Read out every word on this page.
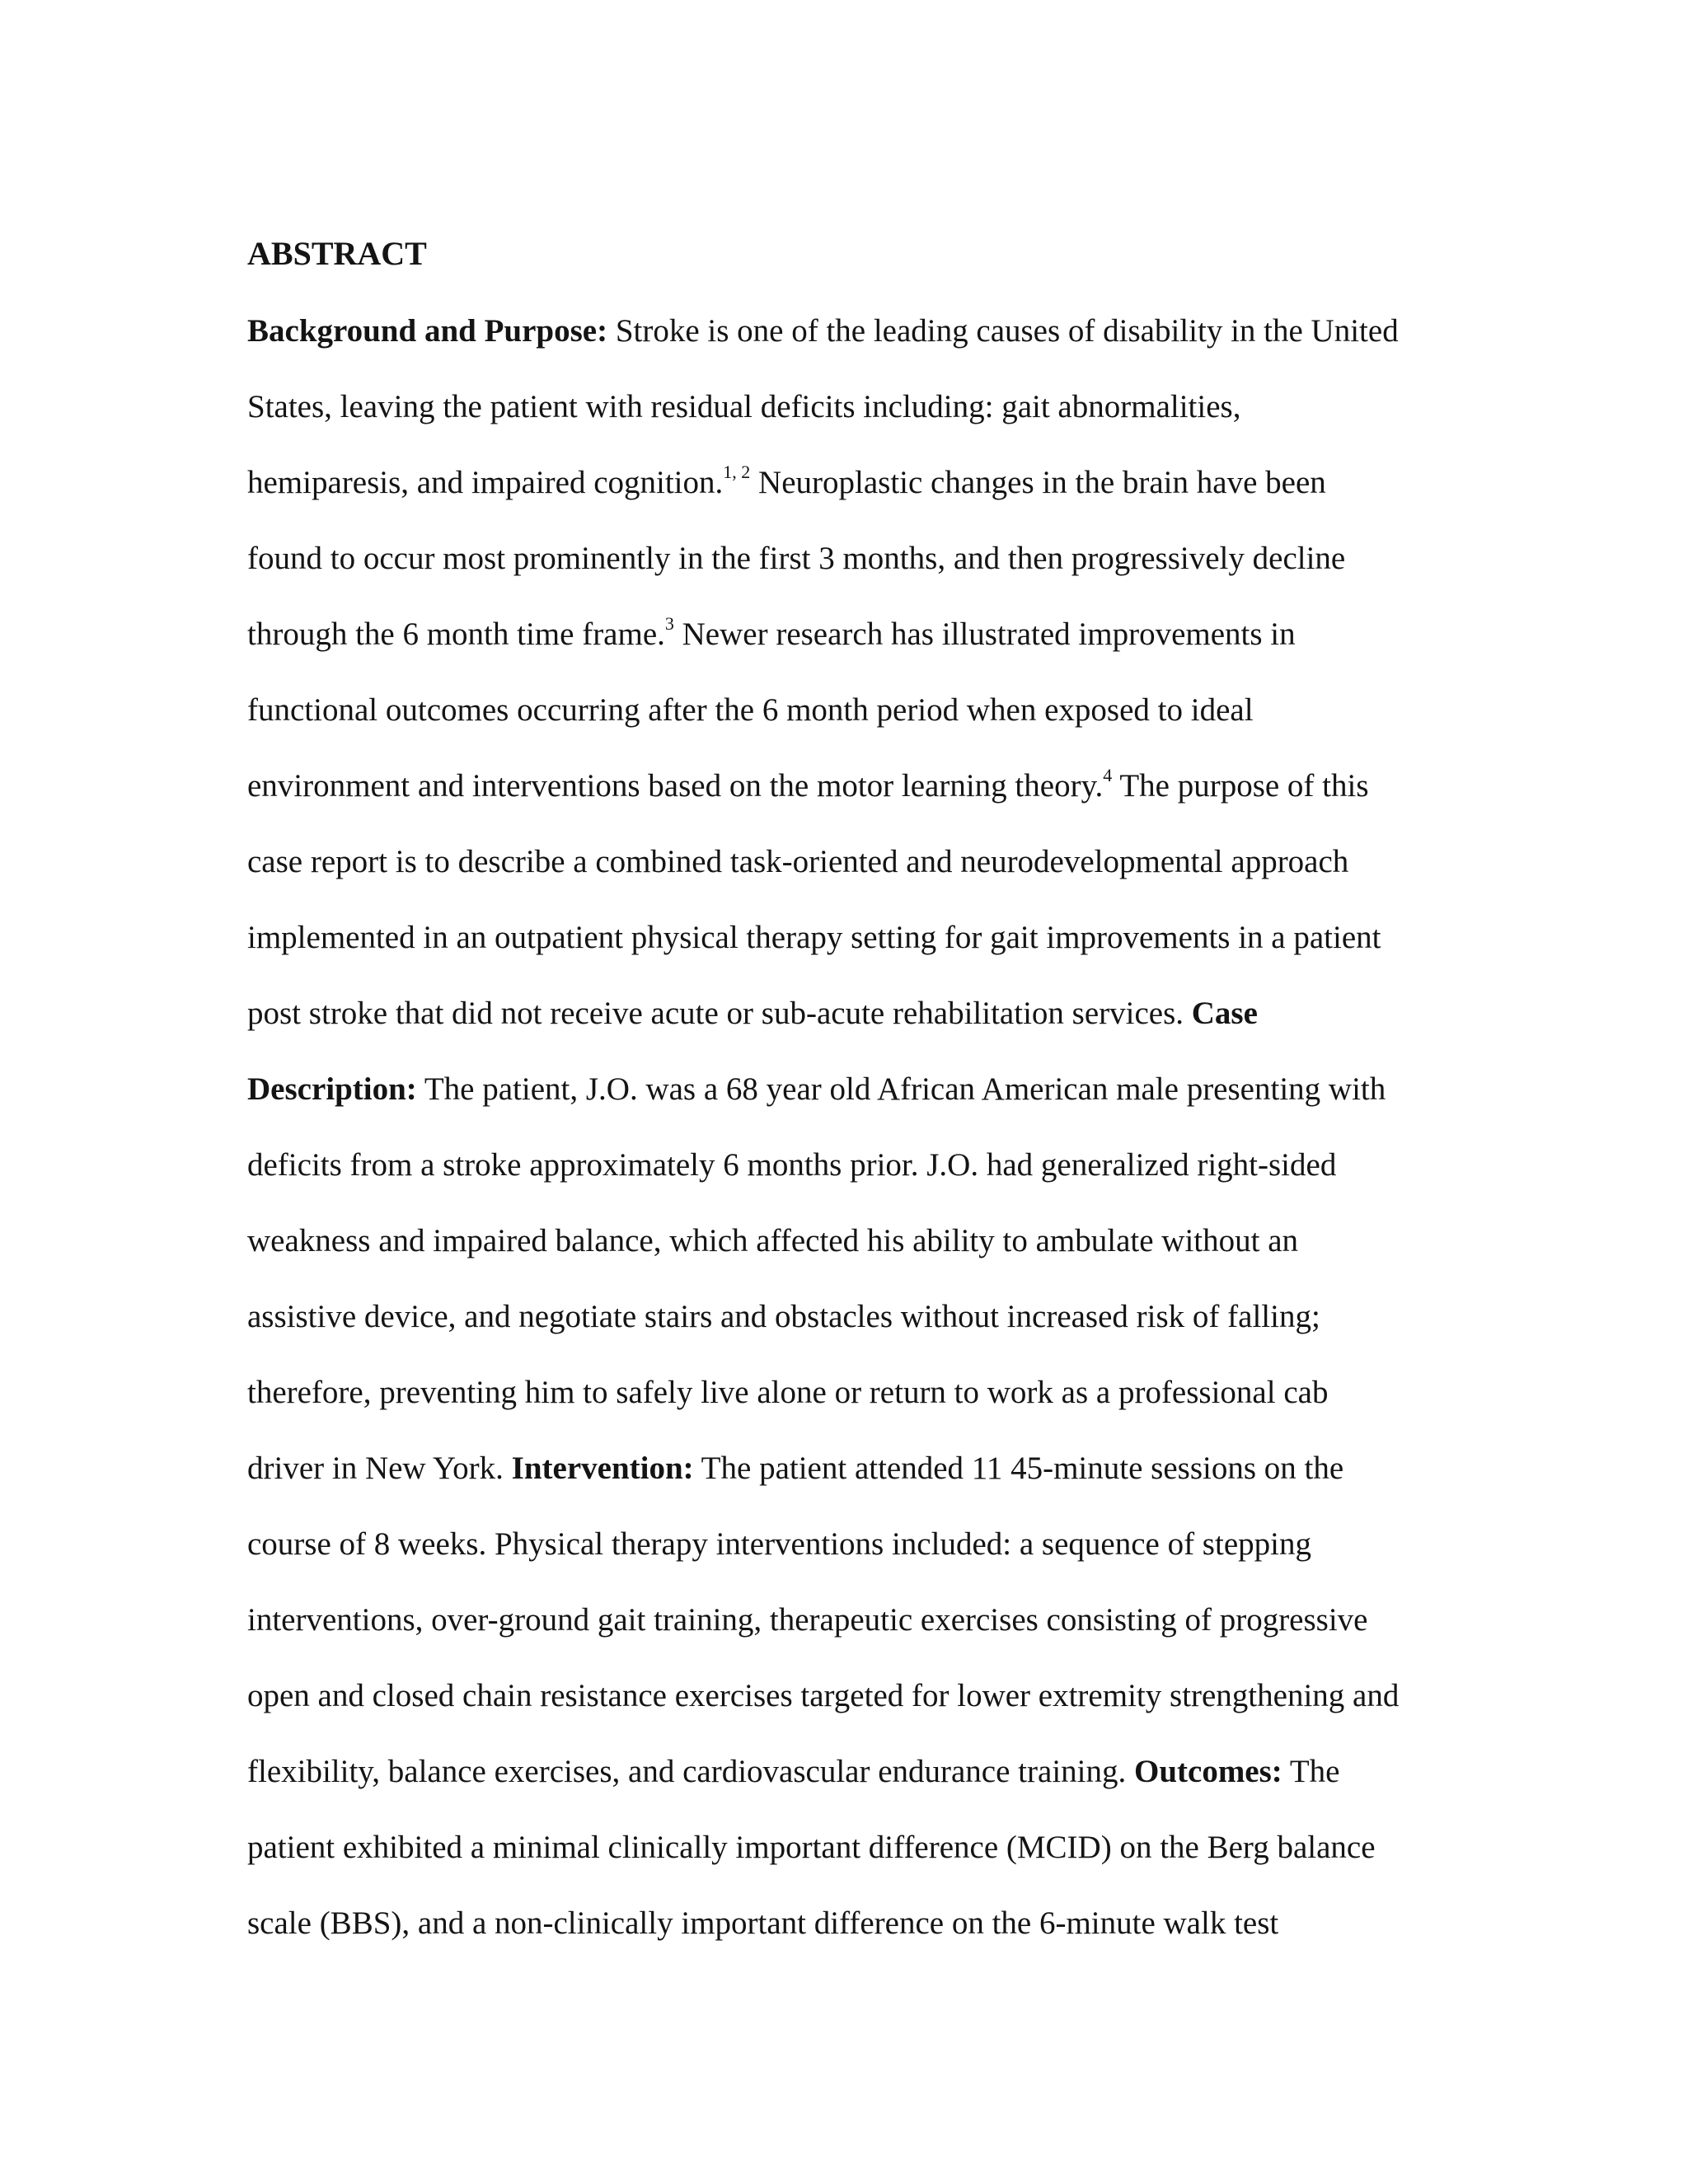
ABSTRACT
Background and Purpose: Stroke is one of the leading causes of disability in the United
States, leaving the patient with residual deficits including: gait abnormalities,
hemiparesis, and impaired cognition.$^{1, 2}$ Neuroplastic changes in the brain have been
found to occur most prominently in the first 3 months, and then progressively decline
through the 6 month time frame.$^3$ Newer research has illustrated improvements in
functional outcomes occurring after the 6 month period when exposed to ideal
environment and interventions based on the motor learning theory.$^4$ The purpose of this
case report is to describe a combined task-oriented and neurodevelopmental approach
implemented in an outpatient physical therapy setting for gait improvements in a patient
post stroke that did not receive acute or sub-acute rehabilitation services. Case
Description: The patient, J.O. was a 68 year old African American male presenting with
deficits from a stroke approximately 6 months prior. J.O. had generalized right-sided
weakness and impaired balance, which affected his ability to ambulate without an
assistive device, and negotiate stairs and obstacles without increased risk of falling;
therefore, preventing him to safely live alone or return to work as a professional cab
driver in New York. Intervention: The patient attended 11 45-minute sessions on the
course of 8 weeks. Physical therapy interventions included: a sequence of stepping
interventions, over-ground gait training, therapeutic exercises consisting of progressive
open and closed chain resistance exercises targeted for lower extremity strengthening and
flexibility, balance exercises, and cardiovascular endurance training. Outcomes: The
patient exhibited a minimal clinically important difference (MCID) on the Berg balance
scale (BBS), and a non-clinically important difference on the 6-minute walk test
